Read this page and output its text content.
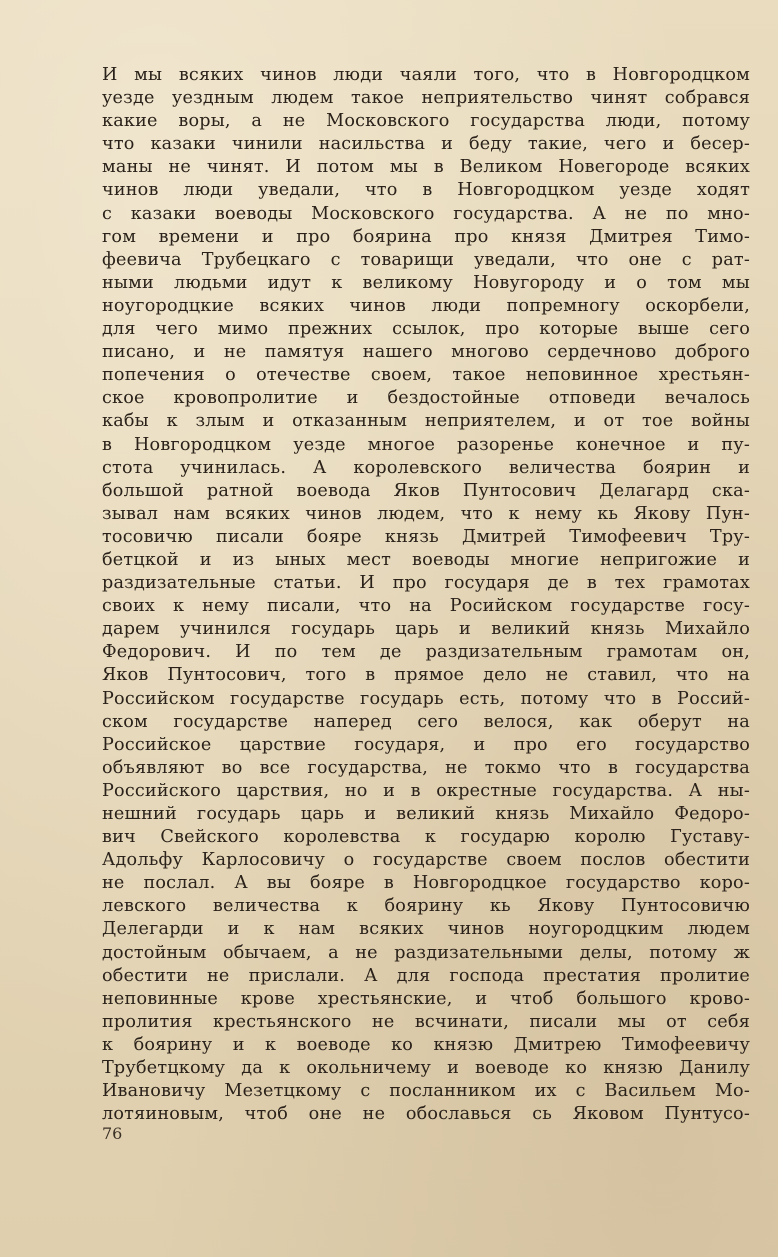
И мы всяких чинов люди чаяли того, что в Новгородцком
уезде уездным людем такое неприятельство чинят собрався
какие воры, а не Московского государства люди, потому
что казаки чинили насильства и беду такие, чего и бесер-
маны не чинят. И потом мы в Великом Новегороде всяких
чинов люди уведали, что в Новгородцком уезде ходят
с казаки воеводы Московского государства. А не по мно-
гом времени и про боярина про князя Дмитрея Тимо-
феевича Трубецкаго с товарищи уведали, что оне с рат-
ными людьми идут к великому Новугороду и о том мы
ноугородцкие всяких чинов люди попремногу оскорбели,
для чего мимо прежних ссылок, про которые выше сего
писано, и не памятуя нашего многово сердечново доброго
попечения о отечестве своем, такое неповинное хрестьян-
ское кровопролитие и бездостойные отповеди вечалось
кабы к злым и отказанным неприятелем, и от тое войны
в Новгородцком уезде многое разоренье конечное и пу-
стота учинилась. А королевского величества боярин и
большой ратной воевода Яков Пунтосович Делагард ска-
зывал нам всяких чинов людем, что к нему кь Якову Пун-
тосовичю писали бояре князь Дмитрей Тимофеевич Тру-
бетцкой и из ыных мест воеводы многие непригожие и
раздизательные статьи. И про государя де в тех грамотах
своих к нему писали, что на Росийском государстве госу-
дарем учинился государь царь и великий князь Михайло
Федорович. И по тем де раздизательным грамотам он,
Яков Пунтосович, того в прямое дело не ставил, что на
Российском государстве государь есть, потому что в Россий-
ском государстве наперед сего велося, как оберут на
Российское царствие государя, и про его государство
объявляют во все государства, не токмо что в государства
Российского царствия, но и в окрестные государства. А ны-
нешний государь царь и великий князь Михайло Федоро-
вич Свейского королевства к государю королю Густаву-
Адольфу Карлосовичу о государстве своем послов обестити
не послал. А вы бояре в Новгородцкое государство коро-
левского величества к боярину кь Якову Пунтосовичю
Делегарди и к нам всяких чинов ноугородцким людем
достойным обычаем, а не раздизательными делы, потому ж
обестити не прислали. А для господа престатия пролитие
неповинные крове хрестьянские, и чтоб большого крово-
пролития крестьянского не всчинати, писали мы от себя
к боярину и к воеводе ко князю Дмитрею Тимофеевичу
Трубетцкому да к окольничему и воеводе ко князю Данилу
Ивановичу Мезетцкому с посланником их с Васильем Мо-
лотяиновым, чтоб оне не обославься сь Яковом Пунтусо-
76
